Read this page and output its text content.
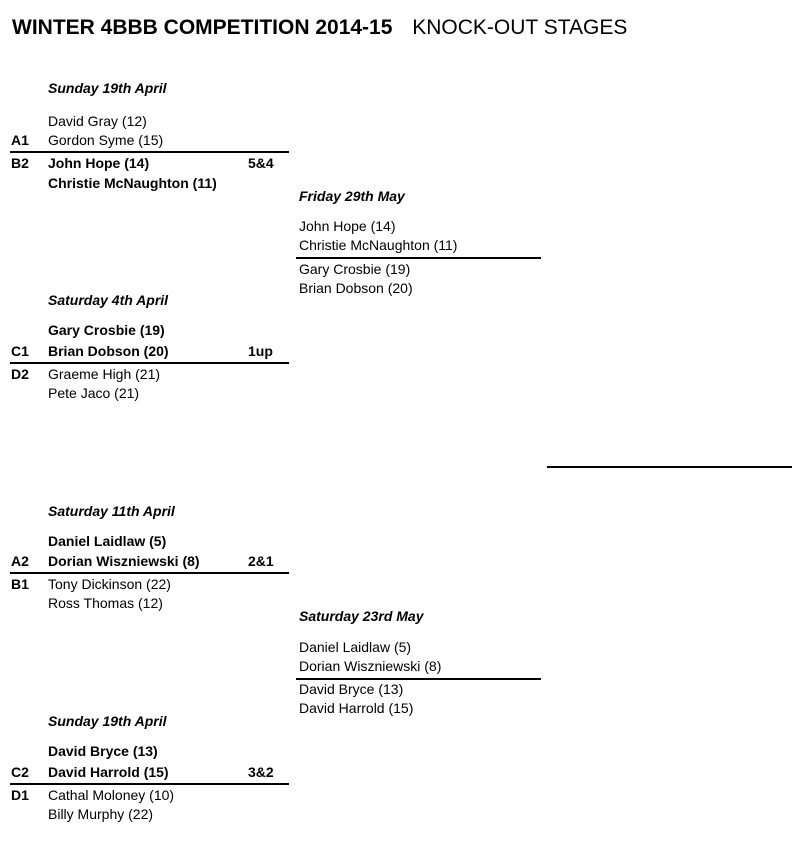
WINTER 4BBB COMPETITION 2014-15 KNOCK-OUT STAGES
Sunday 19th April
David Gray (12)
A1 Gordon Syme (15)
B2 John Hope (14)	5&4
Christie McNaughton (11)
Saturday 4th April
Gary Crosbie (19)
C1 Brian Dobson (20)	1up
D2 Graeme High (21)
Pete Jaco (21)
Saturday 11th April
Daniel Laidlaw (5)
A2 Dorian Wiszniewski (8)	2&1
B1 Tony Dickinson (22)
Ross Thomas (12)
Sunday 19th April
David Bryce (13)
C2 David Harrold (15)	3&2
D1 Cathal Moloney (10)
Billy Murphy (22)
Friday 29th May
John Hope (14)
Christie McNaughton (11)
Gary Crosbie (19)
Brian Dobson (20)
Saturday 23rd May
Daniel Laidlaw (5)
Dorian Wiszniewski (8)
David Bryce (13)
David Harrold (15)
